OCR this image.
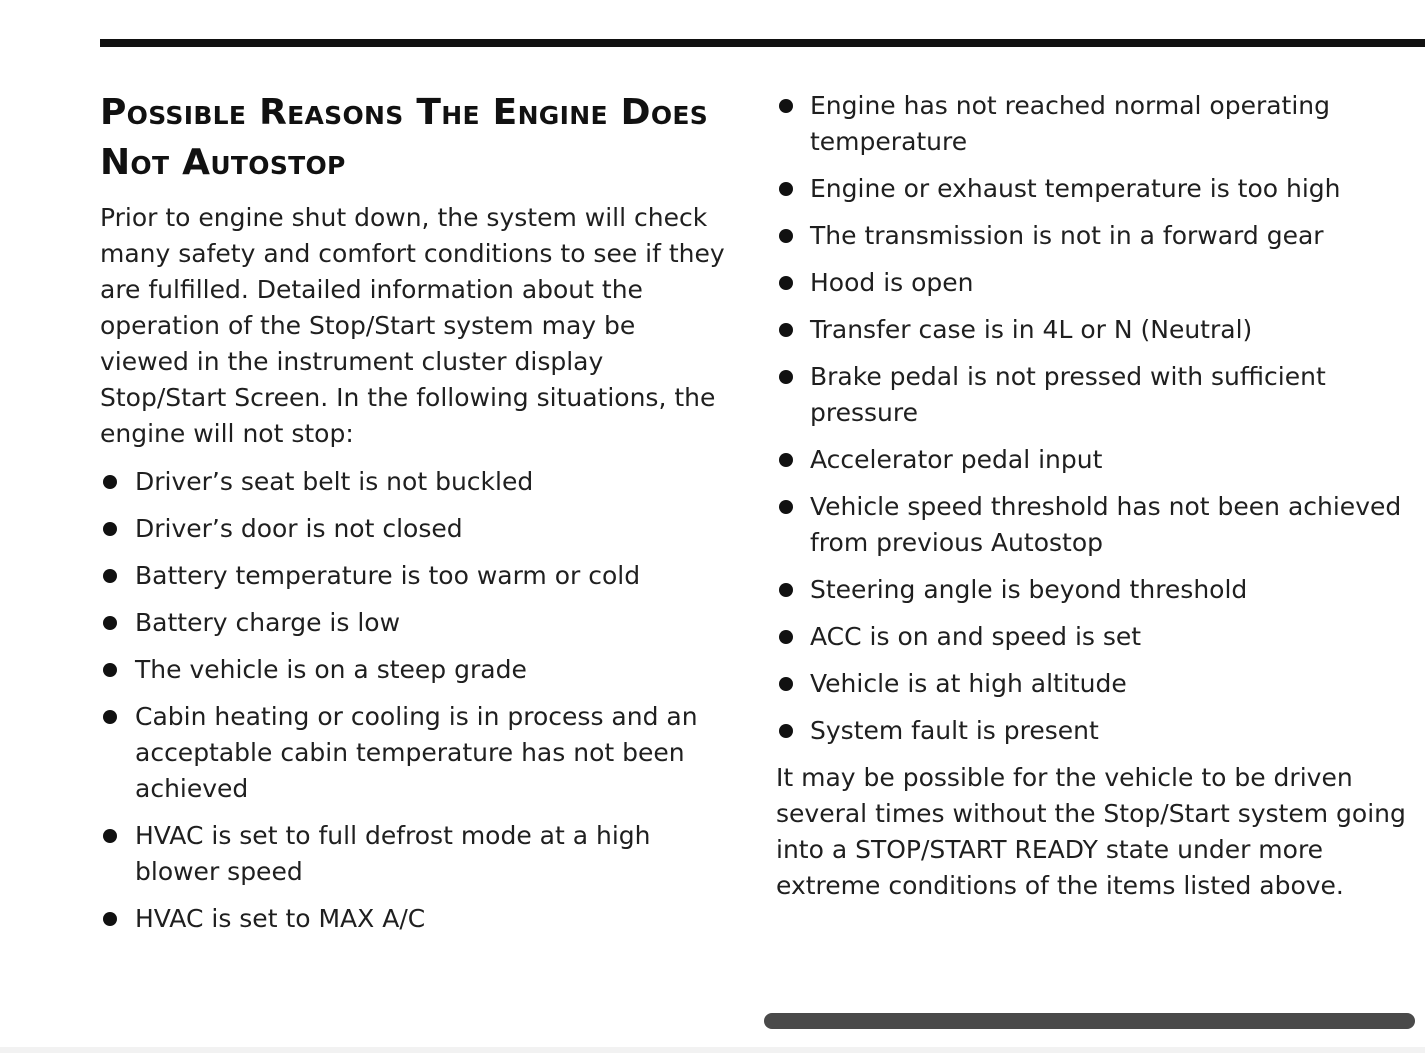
Possible Reasons The Engine Does Not Autostop

Prior to engine shut down, the system will check many safety and comfort conditions to see if they are fulfilled. Detailed information about the operation of the Stop/Start system may be viewed in the instrument cluster display Stop/Start Screen. In the following situations, the engine will not stop:

Driver’s seat belt is not buckled
Driver’s door is not closed
Battery temperature is too warm or cold
Battery charge is low
The vehicle is on a steep grade
Cabin heating or cooling is in process and an acceptable cabin temperature has not been achieved
HVAC is set to full defrost mode at a high blower speed
HVAC is set to MAX A/C
Engine has not reached normal operating temperature
Engine or exhaust temperature is too high
The transmission is not in a forward gear
Hood is open
Transfer case is in 4L or N (Neutral)
Brake pedal is not pressed with sufficient pressure
Accelerator pedal input
Vehicle speed threshold has not been achieved from previous Autostop
Steering angle is beyond threshold
ACC is on and speed is set
Vehicle is at high altitude
System fault is present

It may be possible for the vehicle to be driven several times without the Stop/Start system going into a STOP/START READY state under more extreme conditions of the items listed above.
